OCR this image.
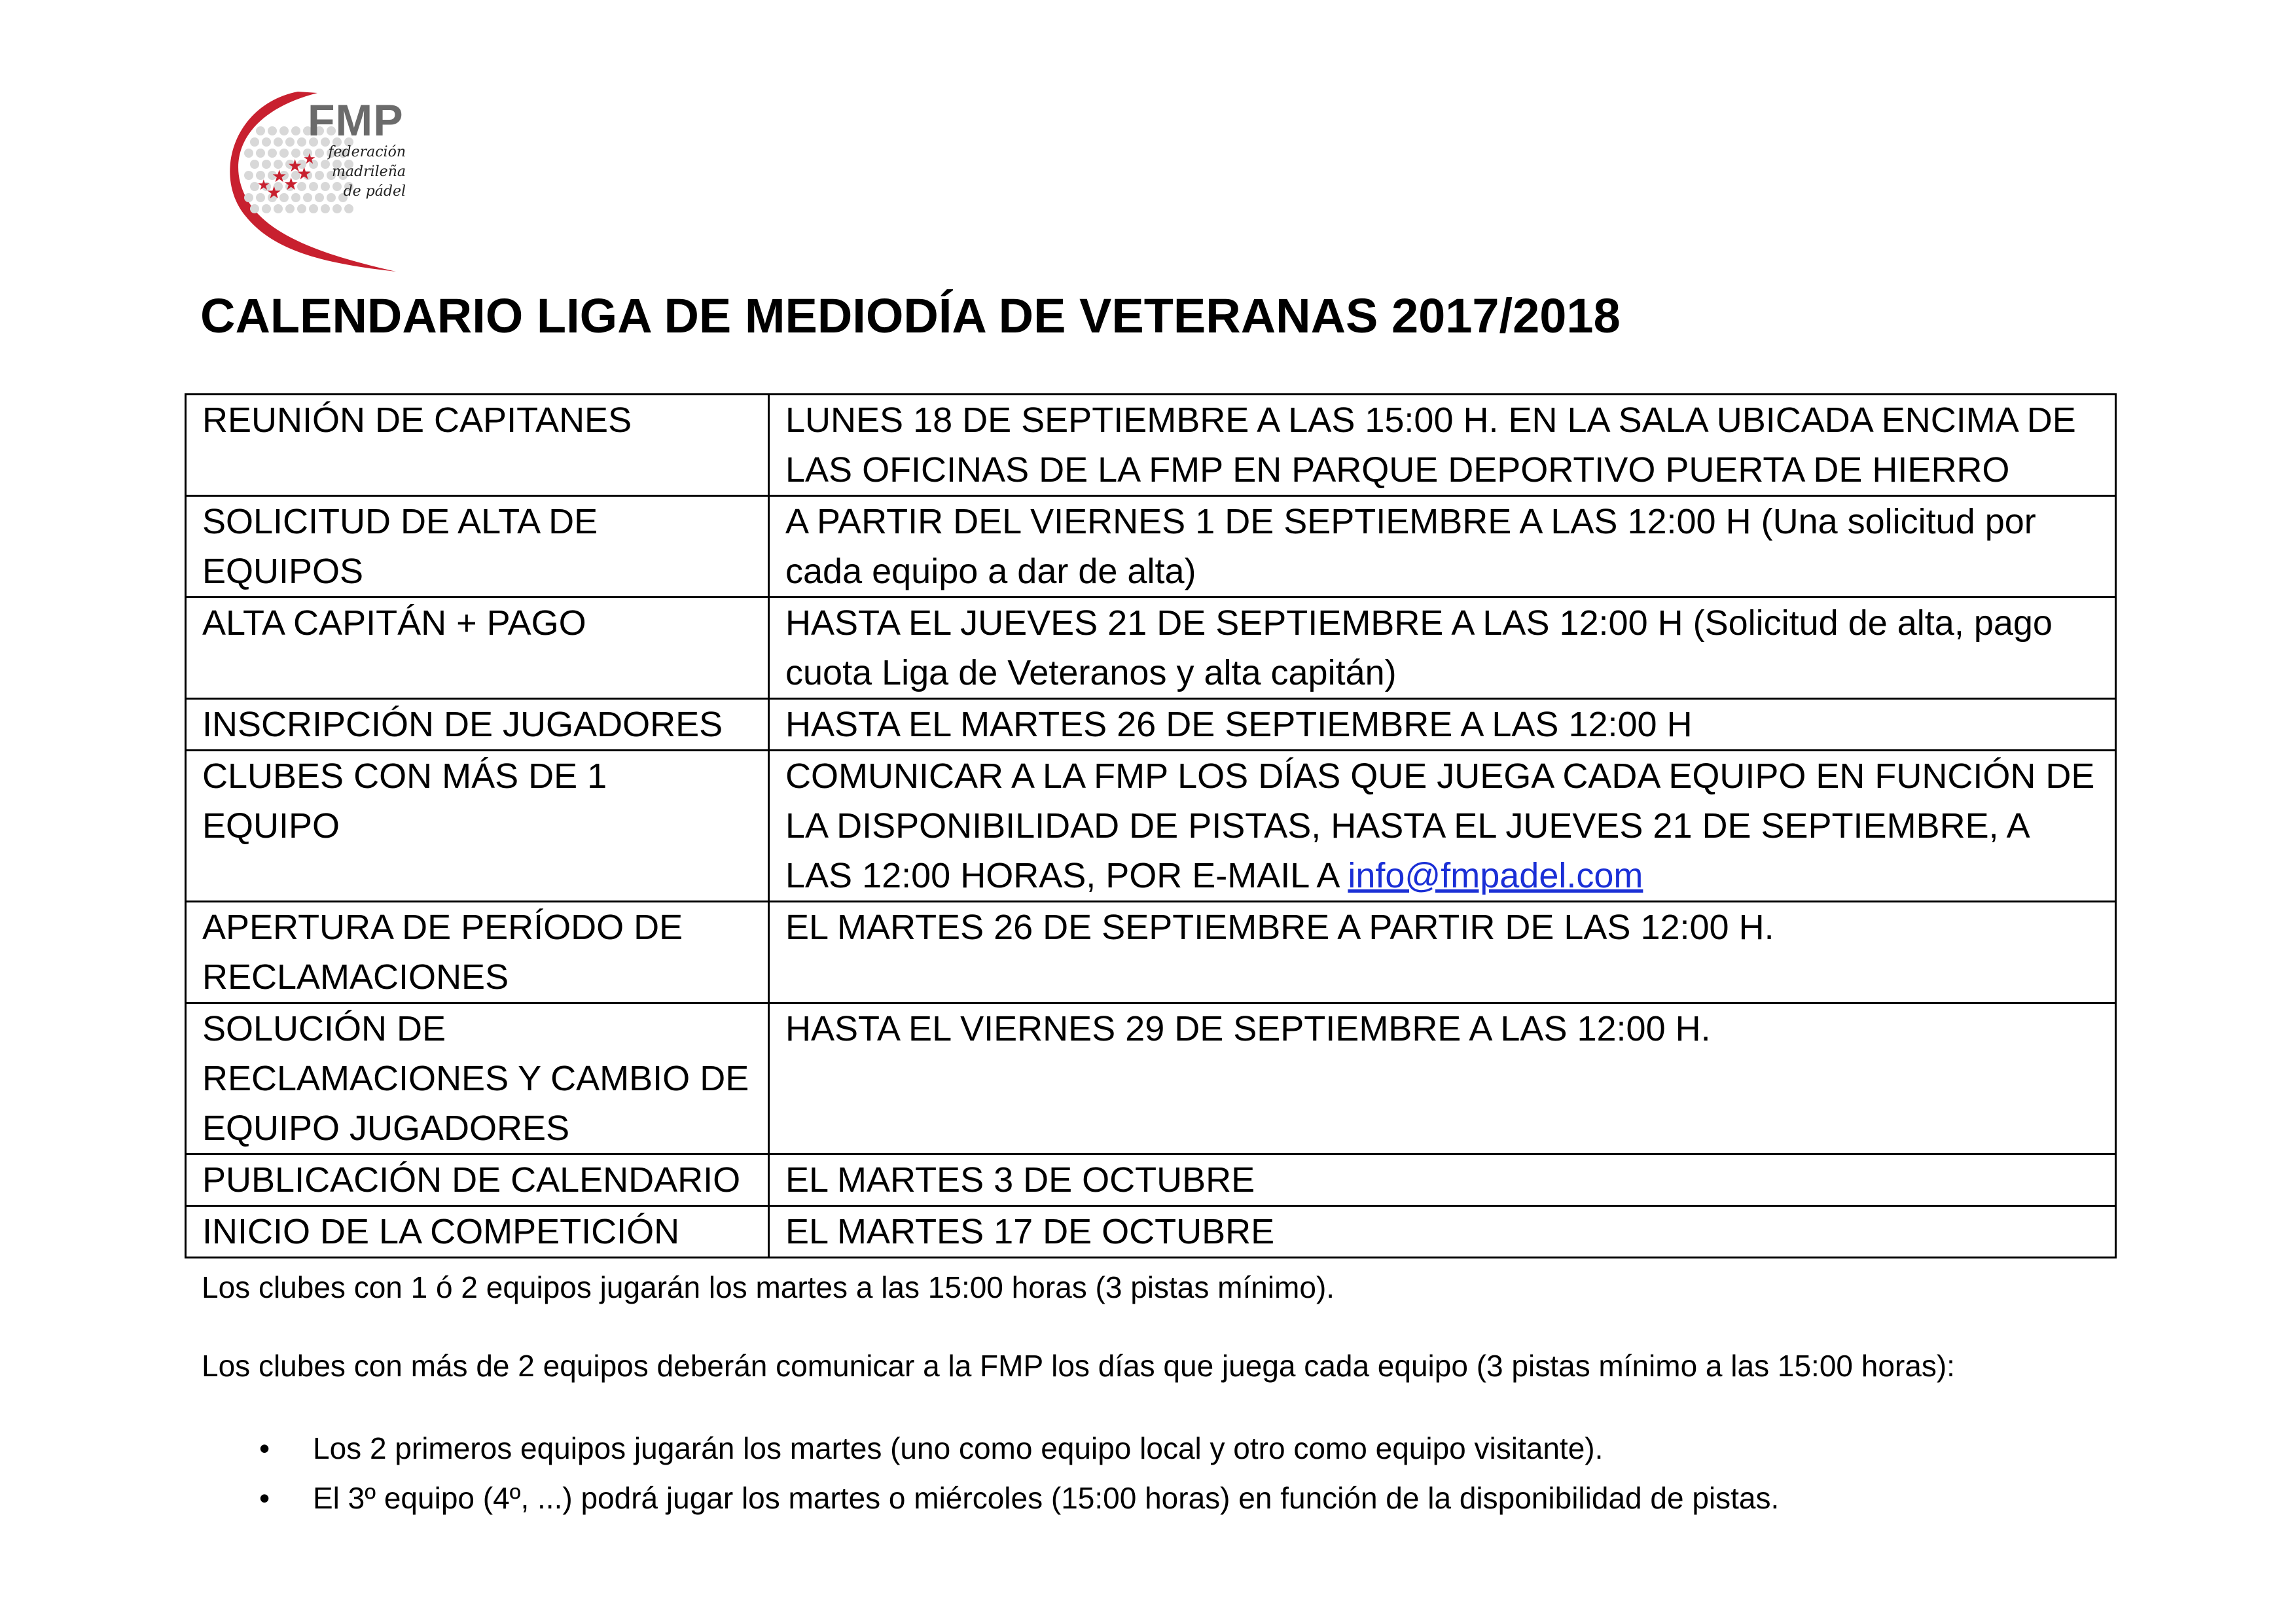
★ ★
★
★
★
★
★
FMP
federación
madrileña
de pádel
CALENDARIO LIGA DE MEDIODÍA DE VETERANAS 2017/2018
REUNIÓN DE CAPITANES	LUNES 18 DE SEPTIEMBRE A LAS 15:00 H. EN LA SALA UBICADA ENCIMA DE LAS OFICINAS DE LA FMP EN PARQUE DEPORTIVO PUERTA DE HIERRO
SOLICITUD DE ALTA DE EQUIPOS	A PARTIR DEL VIERNES 1 DE SEPTIEMBRE A LAS 12:00 H (Una solicitud por cada equipo a dar de alta)
ALTA CAPITÁN + PAGO	HASTA EL JUEVES 21 DE SEPTIEMBRE A LAS 12:00 H (Solicitud de alta, pago cuota Liga de Veteranos y alta capitán)
INSCRIPCIÓN DE JUGADORES	HASTA EL MARTES 26 DE SEPTIEMBRE A LAS 12:00 H
CLUBES CON MÁS DE 1 EQUIPO	COMUNICAR A LA FMP LOS DÍAS QUE JUEGA CADA EQUIPO EN FUNCIÓN DE LA DISPONIBILIDAD DE PISTAS, HASTA EL JUEVES 21 DE SEPTIEMBRE, A LAS 12:00 HORAS, POR E-MAIL A info@fmpadel.com
APERTURA DE PERÍODO DE RECLAMACIONES	EL MARTES 26 DE SEPTIEMBRE A PARTIR DE LAS 12:00 H.
SOLUCIÓN DE RECLAMACIONES Y CAMBIO DE EQUIPO JUGADORES	HASTA EL VIERNES 29 DE SEPTIEMBRE A LAS 12:00 H.
PUBLICACIÓN DE CALENDARIO	EL MARTES 3 DE OCTUBRE
INICIO DE LA COMPETICIÓN	EL MARTES 17 DE OCTUBRE
Los clubes con 1 ó 2 equipos jugarán los martes a las 15:00 horas (3 pistas mínimo).
Los clubes con más de 2 equipos deberán comunicar a la FMP los días que juega cada equipo (3 pistas mínimo a las 15:00 horas):
• Los 2 primeros equipos jugarán los martes (uno como equipo local y otro como equipo visitante).
• El 3º equipo (4º, ...) podrá jugar los martes o miércoles (15:00 horas) en función de la disponibilidad de pistas.
